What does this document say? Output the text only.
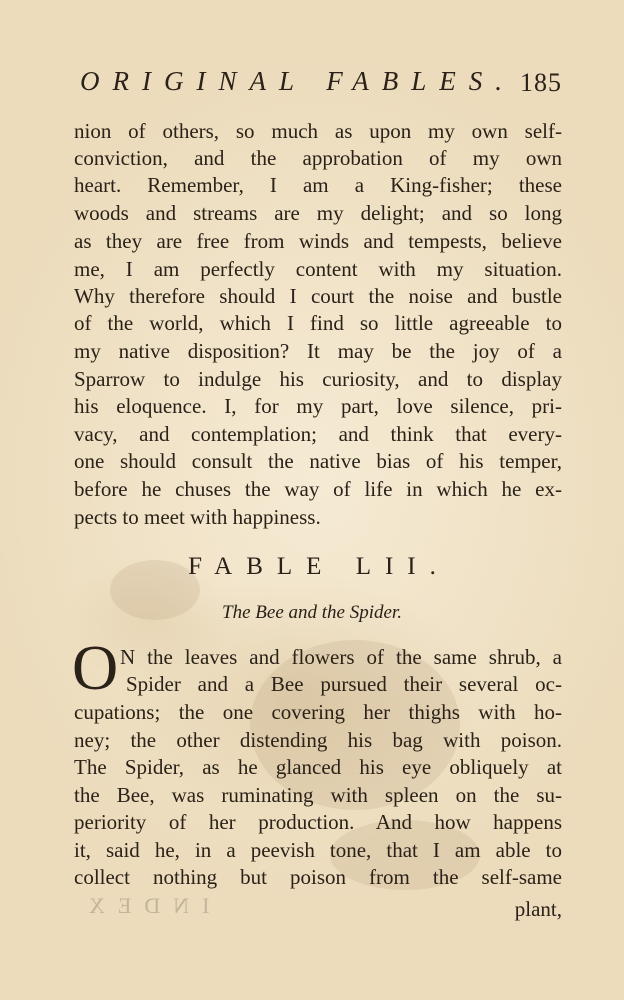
ORIGINAL FABLES. 185
nion of others, so much as upon my own self-
conviction, and the approbation of my own
heart. Remember, I am a King-fisher; these
woods and streams are my delight; and so long
as they are free from winds and tempests, believe
me, I am perfectly content with my situation.
Why therefore should I court the noise and bustle
of the world, which I find so little agreeable to
my native disposition? It may be the joy of a
Sparrow to indulge his curiosity, and to display
his eloquence. I, for my part, love silence, pri-
vacy, and contemplation; and think that every-
one should consult the native bias of his temper,
before he chuses the way of life in which he ex-
pects to meet with happiness.
FABLE LII.
The Bee and the Spider.
O N the leaves and flowers of the same shrub, a
Spider and a Bee pursued their several oc-
cupations; the one covering her thighs with ho-
ney; the other distending his bag with poison.
The Spider, as he glanced his eye obliquely at
the Bee, was ruminating with spleen on the su-
periority of her production. And how happens
it, said he, in a peevish tone, that I am able to
collect nothing but poison from the self-same
INDEX	plant,
